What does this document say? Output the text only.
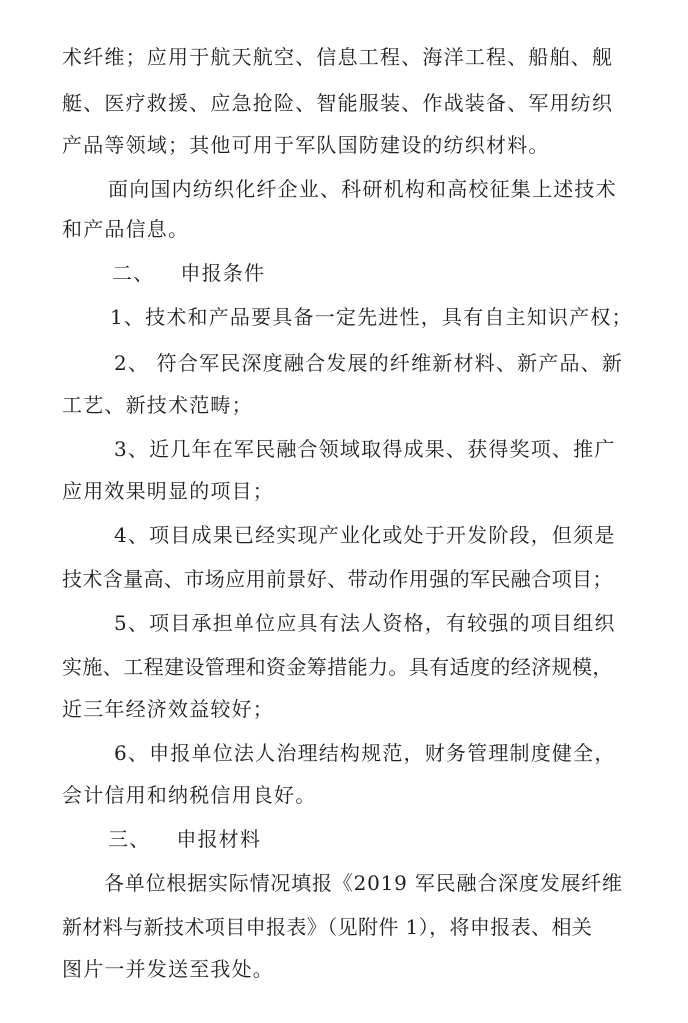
术纤维；应用于航天航空、信息工程、海洋工程、船舶、舰
艇、医疗救援、应急抢险、智能服装、作战装备、军用纺织
产品等领域；其他可用于军队国防建设的纺织材料。
面向国内纺织化纤企业、科研机构和高校征集上述技术
和产品信息。
二、 申报条件
1、技术和产品要具备一定先进性，具有自主知识产权；
2、 符合军民深度融合发展的纤维新材料、新产品、新
工艺、新技术范畴；
3、近几年在军民融合领域取得成果、获得奖项、推广
应用效果明显的项目；
4、项目成果已经实现产业化或处于开发阶段，但须是
技术含量高、市场应用前景好、带动作用强的军民融合项目；
5、项目承担单位应具有法人资格，有较强的项目组织
实施、工程建设管理和资金筹措能力。具有适度的经济规模，
近三年经济效益较好；
6、申报单位法人治理结构规范，财务管理制度健全，
会计信用和纳税信用良好。
三、 申报材料
各单位根据实际情况填报《2019 军民融合深度发展纤维
新材料与新技术项目申报表》（见附件 1），将申报表、相关
图片一并发送至我处。
